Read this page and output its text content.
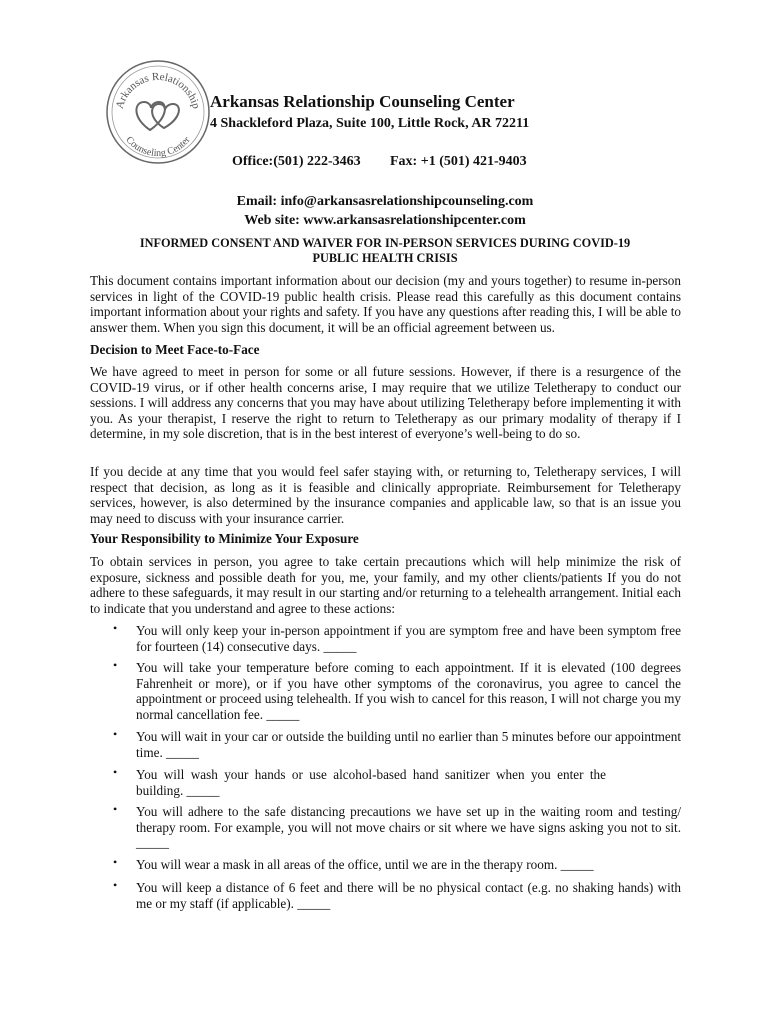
Arkansas Relationship
Counseling Center
Arkansas Relationship Counseling Center
4 Shackleford Plaza, Suite 100, Little Rock, AR 72211
Office:(501) 222-3463	Fax: +1 (501) 421-9403
Email: info@arkansasrelationshipcounseling.com
Web site: www.arkansasrelationshipcenter.com
INFORMED CONSENT AND WAIVER FOR IN-PERSON SERVICES DURING COVID-19
PUBLIC HEALTH CRISIS
This document contains important information about our decision (my and yours together) to resume in-person services in light of the COVID-19 public health crisis. Please read this carefully as this document contains important information about your rights and safety. If you have any questions after reading this, I will be able to answer them. When you sign this document, it will be an official agreement between us.
Decision to Meet Face-to-Face
We have agreed to meet in person for some or all future sessions. However, if there is a resurgence of the COVID-19 virus, or if other health concerns arise, I may require that we utilize Teletherapy to conduct our sessions. I will address any concerns that you may have about utilizing Teletherapy before implementing it with you. As your therapist, I reserve the right to return to Teletherapy as our primary modality of therapy if I determine, in my sole discretion, that is in the best interest of everyone’s well-being to do so.
If you decide at any time that you would feel safer staying with, or returning to, Teletherapy services, I will respect that decision, as long as it is feasible and clinically appropriate. Reimbursement for Teletherapy services, however, is also determined by the insurance companies and applicable law, so that is an issue you may need to discuss with your insurance carrier.
Your Responsibility to Minimize Your Exposure
To obtain services in person, you agree to take certain precautions which will help minimize the risk of exposure, sickness and possible death for you, me, your family, and my other clients/patients If you do not adhere to these safeguards, it may result in our starting and/or returning to a telehealth arrangement. Initial each to indicate that you understand and agree to these actions:
• You will only keep your in-person appointment if you are symptom free and have been symptom free for fourteen (14) consecutive days. _____
• You will take your temperature before coming to each appointment. If it is elevated (100 degrees Fahrenheit or more), or if you have other symptoms of the coronavirus, you agree to cancel the appointment or proceed using telehealth. If you wish to cancel for this reason, I will not charge you my normal cancellation fee. _____
• You will wait in your car or outside the building until no earlier than 5 minutes before our appointment time. _____
• You will wash your hands or use alcohol-based hand sanitizer when you enter the building. _____
• You will adhere to the safe distancing precautions we have set up in the waiting room and testing/ therapy room. For example, you will not move chairs or sit where we have signs asking you not to sit. _____
• You will wear a mask in all areas of the office, until we are in the therapy room. _____
• You will keep a distance of 6 feet and there will be no physical contact (e.g. no shaking hands) with me or my staff (if applicable). _____
